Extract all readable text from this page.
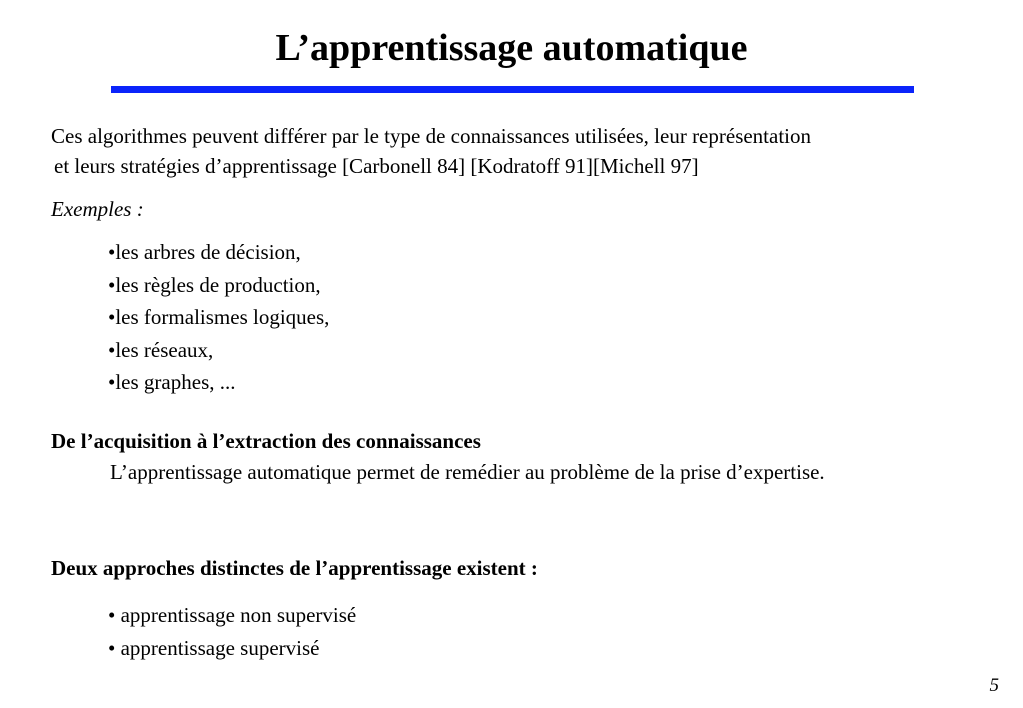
L’apprentissage automatique
Ces algorithmes peuvent différer par le type de connaissances utilisées, leur représentation
et leurs stratégies d’apprentissage [Carbonell 84] [Kodratoff 91][Michell 97]
Exemples :
•les arbres de décision,
•les règles de production,
•les formalismes logiques,
•les réseaux,
•les graphes, ...
De l’acquisition à l’extraction des connaissances
L’apprentissage automatique permet de remédier au problème de la prise d’expertise.
Deux approches distinctes de l’apprentissage existent :
• apprentissage non supervisé
• apprentissage supervisé
5
